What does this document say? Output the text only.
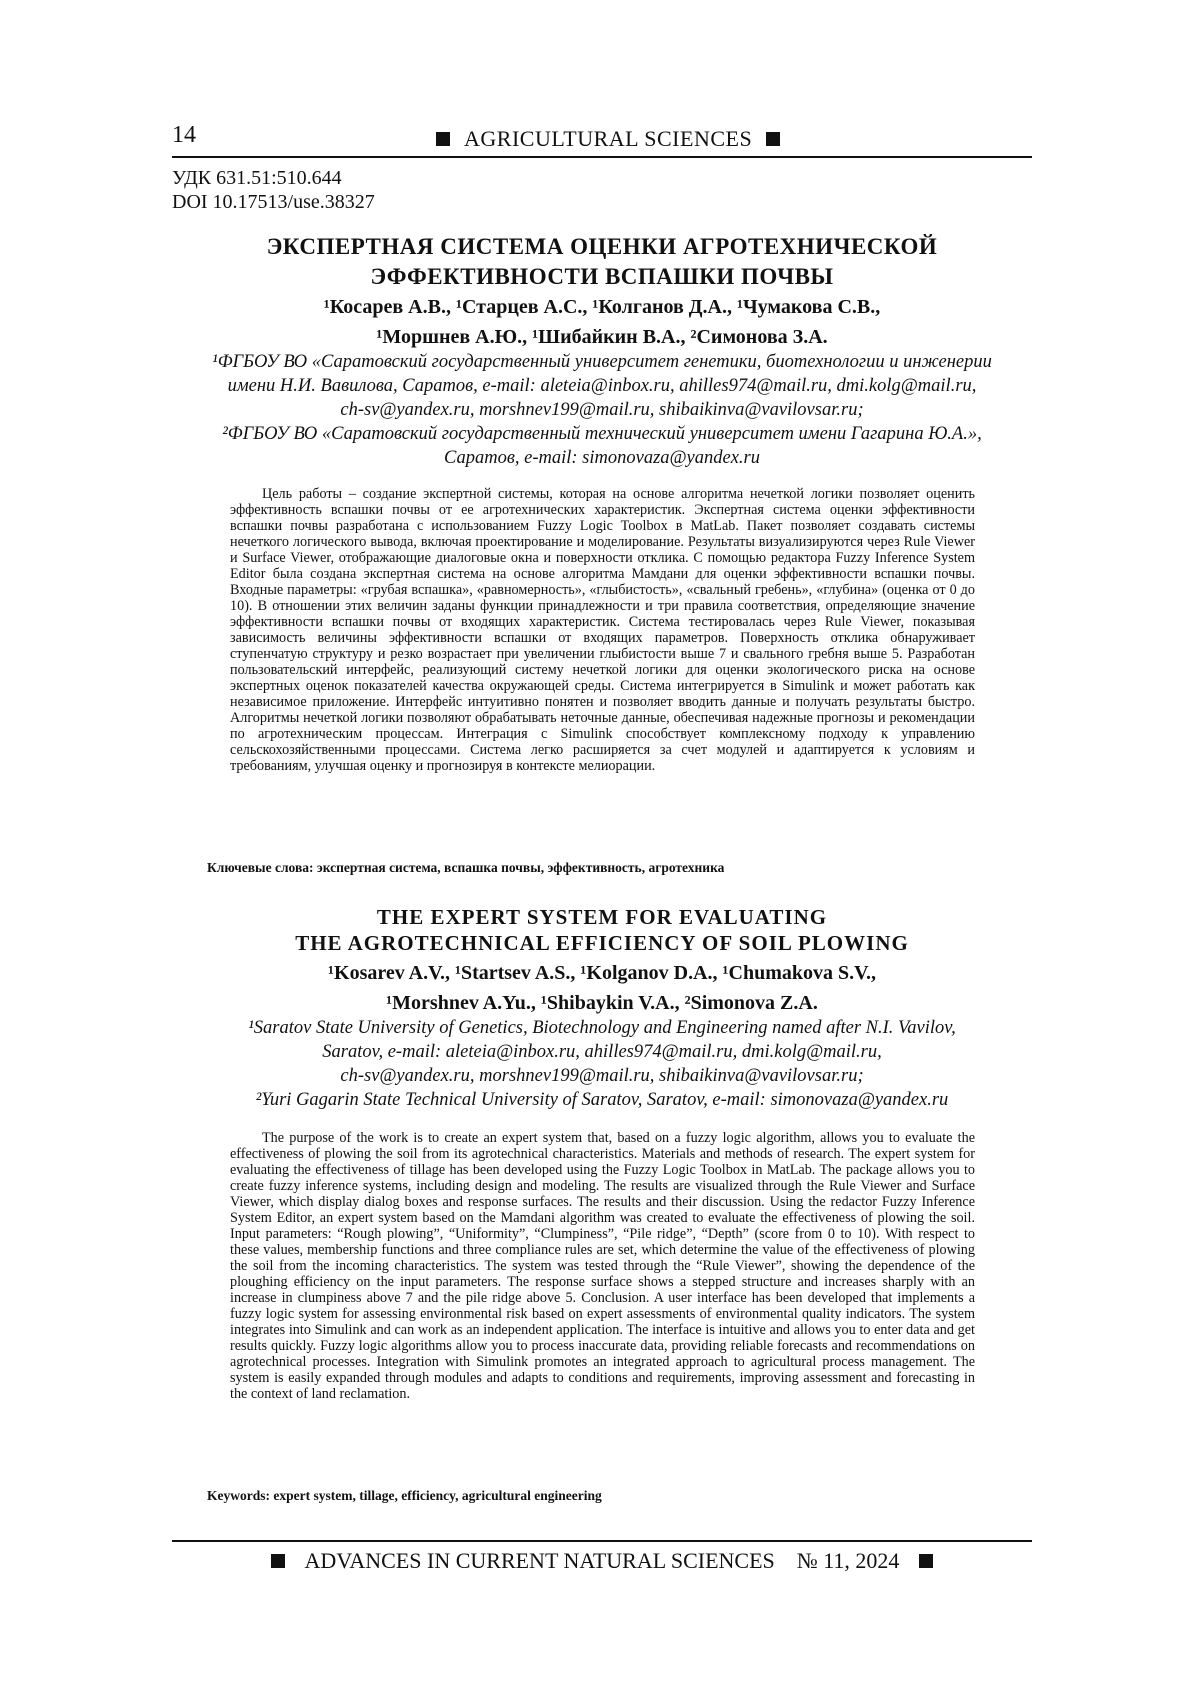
14	AGRICULTURAL SCIENCES
УДК 631.51:510.644
DOI 10.17513/use.38327
ЭКСПЕРТНАЯ СИСТЕМА ОЦЕНКИ АГРОТЕХНИЧЕСКОЙ
ЭФФЕКТИВНОСТИ ВСПАШКИ ПОЧВЫ
¹Косарев А.В., ¹Старцев А.С., ¹Колганов Д.А., ¹Чумакова С.В.,
¹Моршнев А.Ю., ¹Шибайкин В.А., ²Симонова З.А.
¹ФГБОУ ВО «Саратовский государственный университет генетики, биотехнологии и инженерии
имени Н.И. Вавилова, Саратов, e-mail: aleteia@inbox.ru, ahilles974@mail.ru, dmi.kolg@mail.ru,
ch-sv@yandex.ru, morshnev199@mail.ru, shibaikinva@vavilovsar.ru;
²ФГБОУ ВО «Саратовский государственный технический университет имени Гагарина Ю.А.»,
Саратов, e-mail: simonovaza@yandex.ru

Цель работы – создание экспертной системы, которая на основе алгоритма нечеткой логики позволяет оценить эффективность вспашки почвы от ее агротехнических характеристик. Экспертная система оценки эффективности вспашки почвы разработана с использованием Fuzzy Logic Toolbox в MatLab. Пакет позволяет создавать системы нечеткого логического вывода, включая проектирование и моделирование. Результаты визуализируются через Rule Viewer и Surface Viewer, отображающие диалоговые окна и поверхности отклика. С помощью редактора Fuzzy Inference System Editor была создана экспертная система на основе алгоритма Мамдани для оценки эффективности вспашки почвы. Входные параметры: «грубая вспашка», «равномерность», «глыбистость», «свальный гребень», «глубина» (оценка от 0 до 10). В отношении этих величин заданы функции принадлежности и три правила соответствия, определяющие значение эффективности вспашки почвы от входящих характеристик. Система тестировалась через Rule Viewer, показывая зависимость величины эффективности вспашки от входящих параметров. Поверхность отклика обнаруживает ступенчатую структуру и резко возрастает при увеличении глыбистости выше 7 и свального гребня выше 5. Разработан пользовательский интерфейс, реализующий систему нечеткой логики для оценки экологического риска на основе экспертных оценок показателей качества окружающей среды. Система интегрируется в Simulink и может работать как независимое приложение. Интерфейс интуитивно понятен и позволяет вводить данные и получать результаты быстро. Алгоритмы нечеткой логики позволяют обрабатывать неточные данные, обеспечивая надежные прогнозы и рекомендации по агротехническим процессам. Интеграция с Simulink способствует комплексному подходу к управлению сельскохозяйственными процессами. Система легко расширяется за счет модулей и адаптируется к условиям и требованиям, улучшая оценку и прогнозируя в контексте мелиорации.

Ключевые слова: экспертная система, вспашка почвы, эффективность, агротехника
THE EXPERT SYSTEM FOR EVALUATING
THE AGROTECHNICAL EFFICIENCY OF SOIL PLOWING
¹Kosarev A.V., ¹Startsev A.S., ¹Kolganov D.A., ¹Chumakova S.V.,
¹Morshnev A.Yu., ¹Shibaykin V.A., ²Simonova Z.A.
¹Saratov State University of Genetics, Biotechnology and Engineering named after N.I. Vavilov,
Saratov, e-mail: aleteia@inbox.ru, ahilles974@mail.ru, dmi.kolg@mail.ru,
ch-sv@yandex.ru, morshnev199@mail.ru, shibaikinva@vavilovsar.ru;
²Yuri Gagarin State Technical University of Saratov, Saratov, e-mail: simonovaza@yandex.ru

The purpose of the work is to create an expert system that, based on a fuzzy logic algorithm, allows you to evaluate the effectiveness of plowing the soil from its agrotechnical characteristics. Materials and methods of research. The expert system for evaluating the effectiveness of tillage has been developed using the Fuzzy Logic Toolbox in MatLab. The package allows you to create fuzzy inference systems, including design and modeling. The results are visualized through the Rule Viewer and Surface Viewer, which display dialog boxes and response surfaces. The results and their discussion. Using the redactor Fuzzy Inference System Editor, an expert system based on the Mamdani algorithm was created to evaluate the effectiveness of plowing the soil. Input parameters: “Rough plowing”, “Uniformity”, “Clumpiness”, “Pile ridge”, “Depth” (score from 0 to 10). With respect to these values, membership functions and three compliance rules are set, which determine the value of the effectiveness of plowing the soil from the incoming characteristics. The system was tested through the “Rule Viewer”, showing the dependence of the ploughing efficiency on the input parameters. The response surface shows a stepped structure and increases sharply with an increase in clumpiness above 7 and the pile ridge above 5. Conclusion. A user interface has been developed that implements a fuzzy logic system for assessing environmental risk based on expert assessments of environmental quality indicators. The system integrates into Simulink and can work as an independent application. The interface is intuitive and allows you to enter data and get results quickly. Fuzzy logic algorithms allow you to process inaccurate data, providing reliable forecasts and recommendations on agrotechnical processes. Integration with Simulink promotes an integrated approach to agricultural process management. The system is easily expanded through modules and adapts to conditions and requirements, improving assessment and forecasting in the context of land reclamation.

Keywords: expert system, tillage, efficiency, agricultural engineering
ADVANCES IN CURRENT NATURAL SCIENCES № 11, 2024
